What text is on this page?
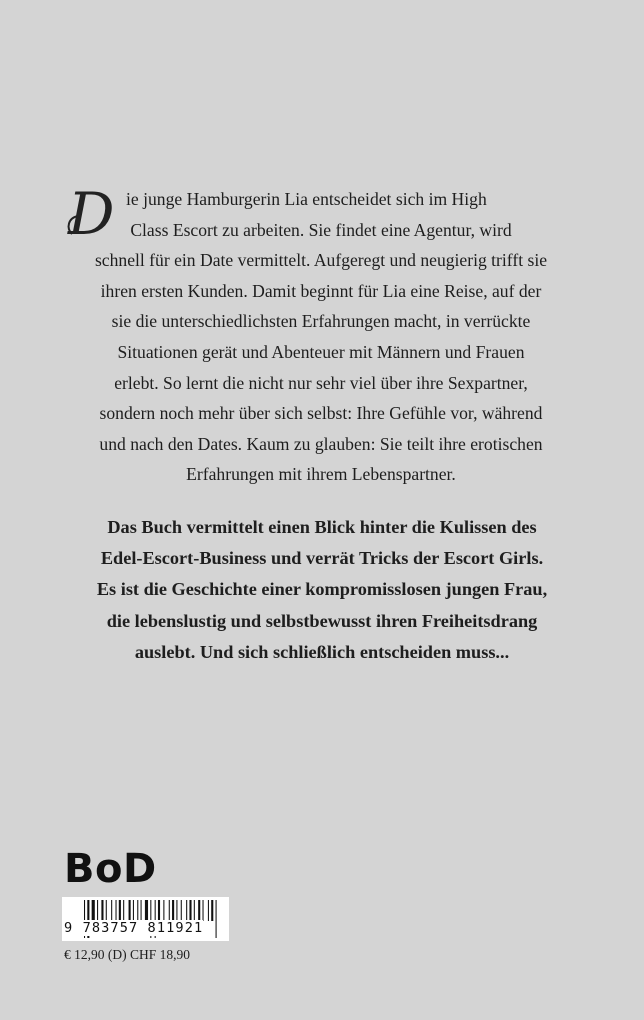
D ie junge Hamburgerin Lia entscheidet sich im High
Class Escort zu arbeiten. Sie findet eine Agentur, wird
schnell für ein Date vermittelt. Aufgeregt und neugierig trifft sie
ihren ersten Kunden. Damit beginnt für Lia eine Reise, auf der
sie die unterschiedlichsten Erfahrungen macht, in verrückte
Situationen gerät und Abenteuer mit Männern und Frauen
erlebt. So lernt die nicht nur sehr viel über ihre Sexpartner,
sondern noch mehr über sich selbst: Ihre Gefühle vor, während
und nach den Dates. Kaum zu glauben: Sie teilt ihre erotischen
Erfahrungen mit ihrem Lebenspartner.
Das Buch vermittelt einen Blick hinter die Kulissen des
Edel-Escort-Business und verrät Tricks der Escort Girls.
Es ist die Geschichte einer kompromisslosen jungen Frau,
die lebenslustig und selbstbewusst ihren Freiheitsdrang
auslebt. Und sich schließlich entscheiden muss...
BoD
9 783757 811921
€ 12,90 (D) CHF 18,90
